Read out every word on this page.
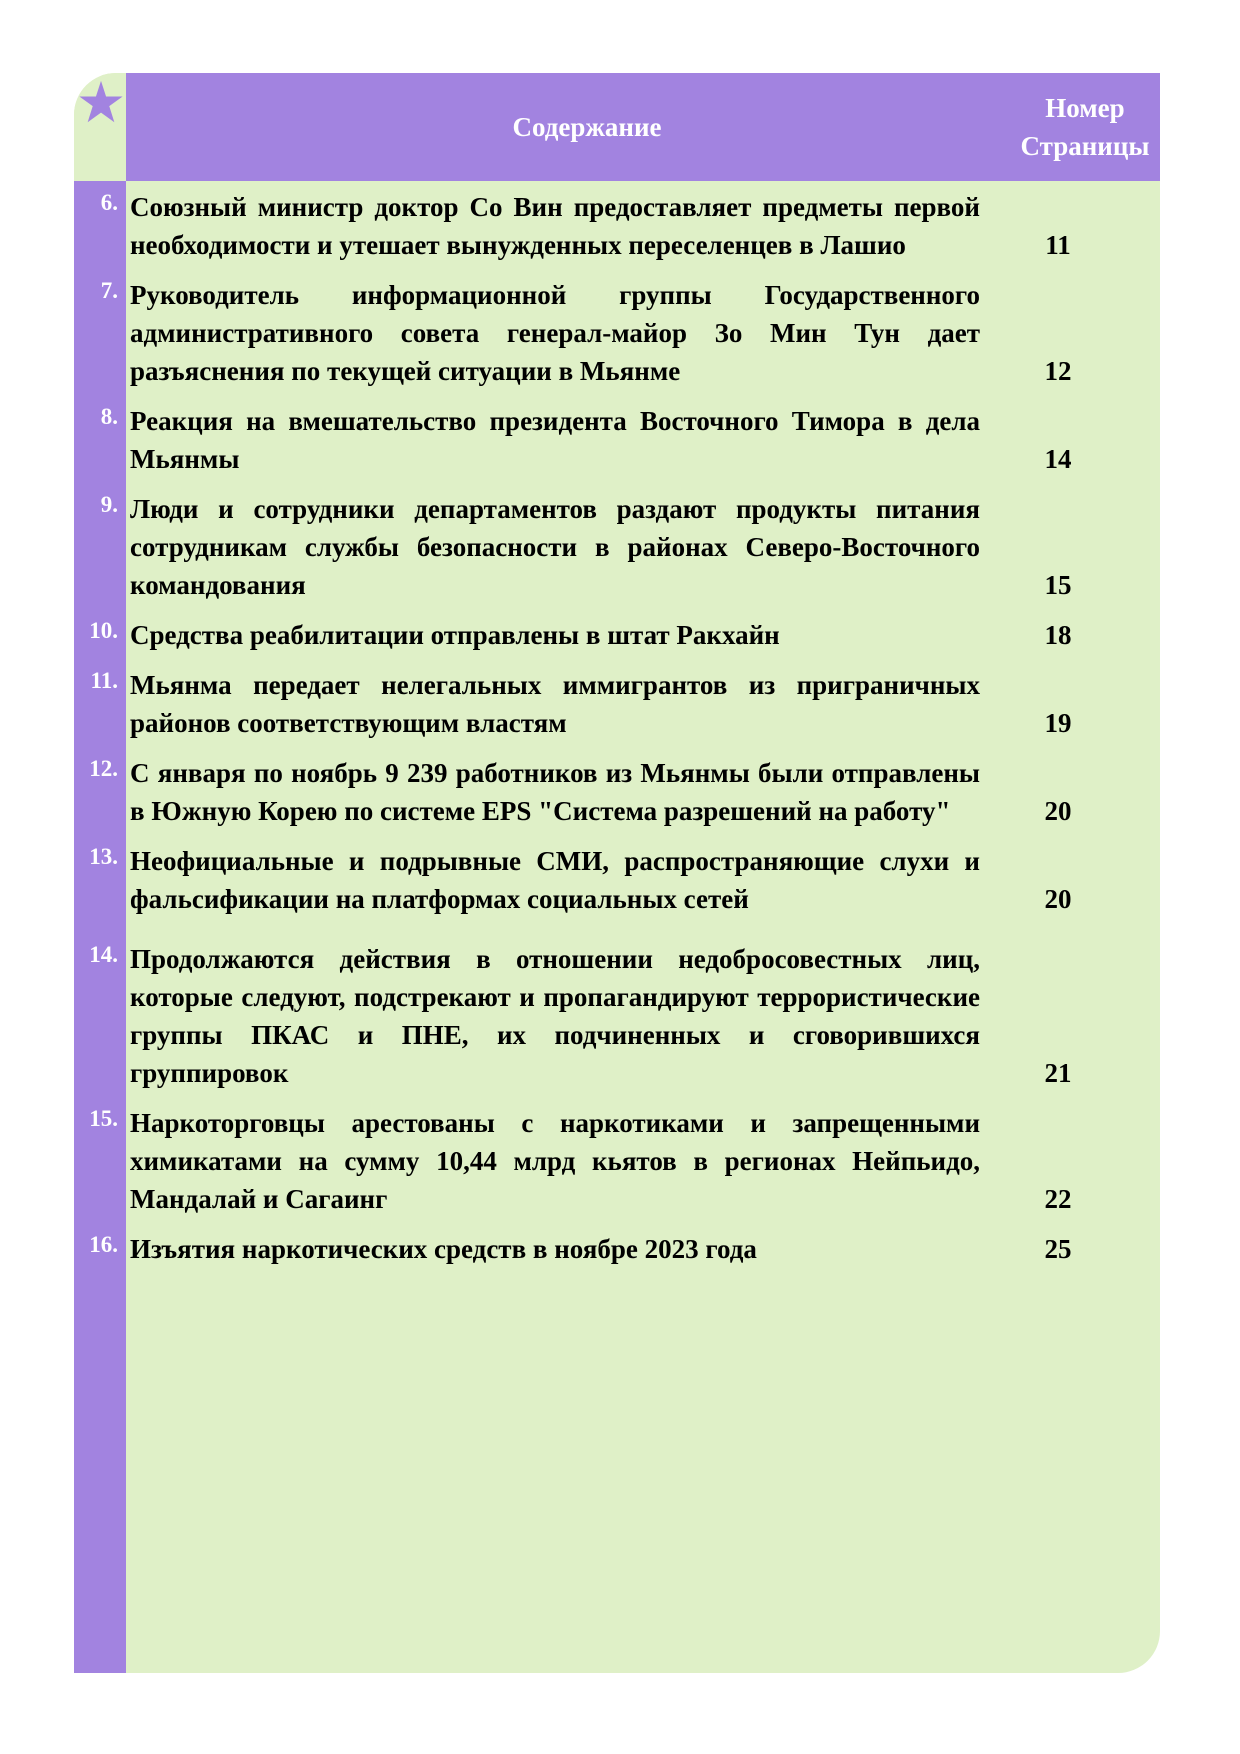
Содержание
Номер
Страницы
6. Союзный министр доктор Со Вин предоставляет предметы первой необходимости и утешает вынужденных переселенцев в Лашио	11
7. Руководитель информационной группы Государственного административного совета генерал-майор Зо Мин Тун дает разъяснения по текущей ситуации в Мьянме	12
8. Реакция на вмешательство президента Восточного Тимора в дела Мьянмы	14
9. Люди и сотрудники департаментов раздают продукты питания сотрудникам службы безопасности в районах Северо-Восточного командования	15
10. Средства реабилитации отправлены в штат Ракхайн	18
11. Мьянма передает нелегальных иммигрантов из приграничных районов соответствующим властям	19
12. С января по ноябрь 9 239 работников из Мьянмы были отправлены в Южную Корею по системе EPS "Система разрешений на работу"	20
13. Неофициальные и подрывные СМИ, распространяющие слухи и фальсификации на платформах социальных сетей	20
14. Продолжаются действия в отношении недобросовестных лиц, которые следуют, подстрекают и пропагандируют террористические группы ПКАС и ПНЕ, их подчиненных и сговорившихся группировок	21
15. Наркоторговцы арестованы с наркотиками и запрещенными химикатами на сумму 10,44 млрд кьятов в регионах Нейпьидо, Мандалай и Сагаинг	22
16. Изъятия наркотических средств в ноябре 2023 года	25
